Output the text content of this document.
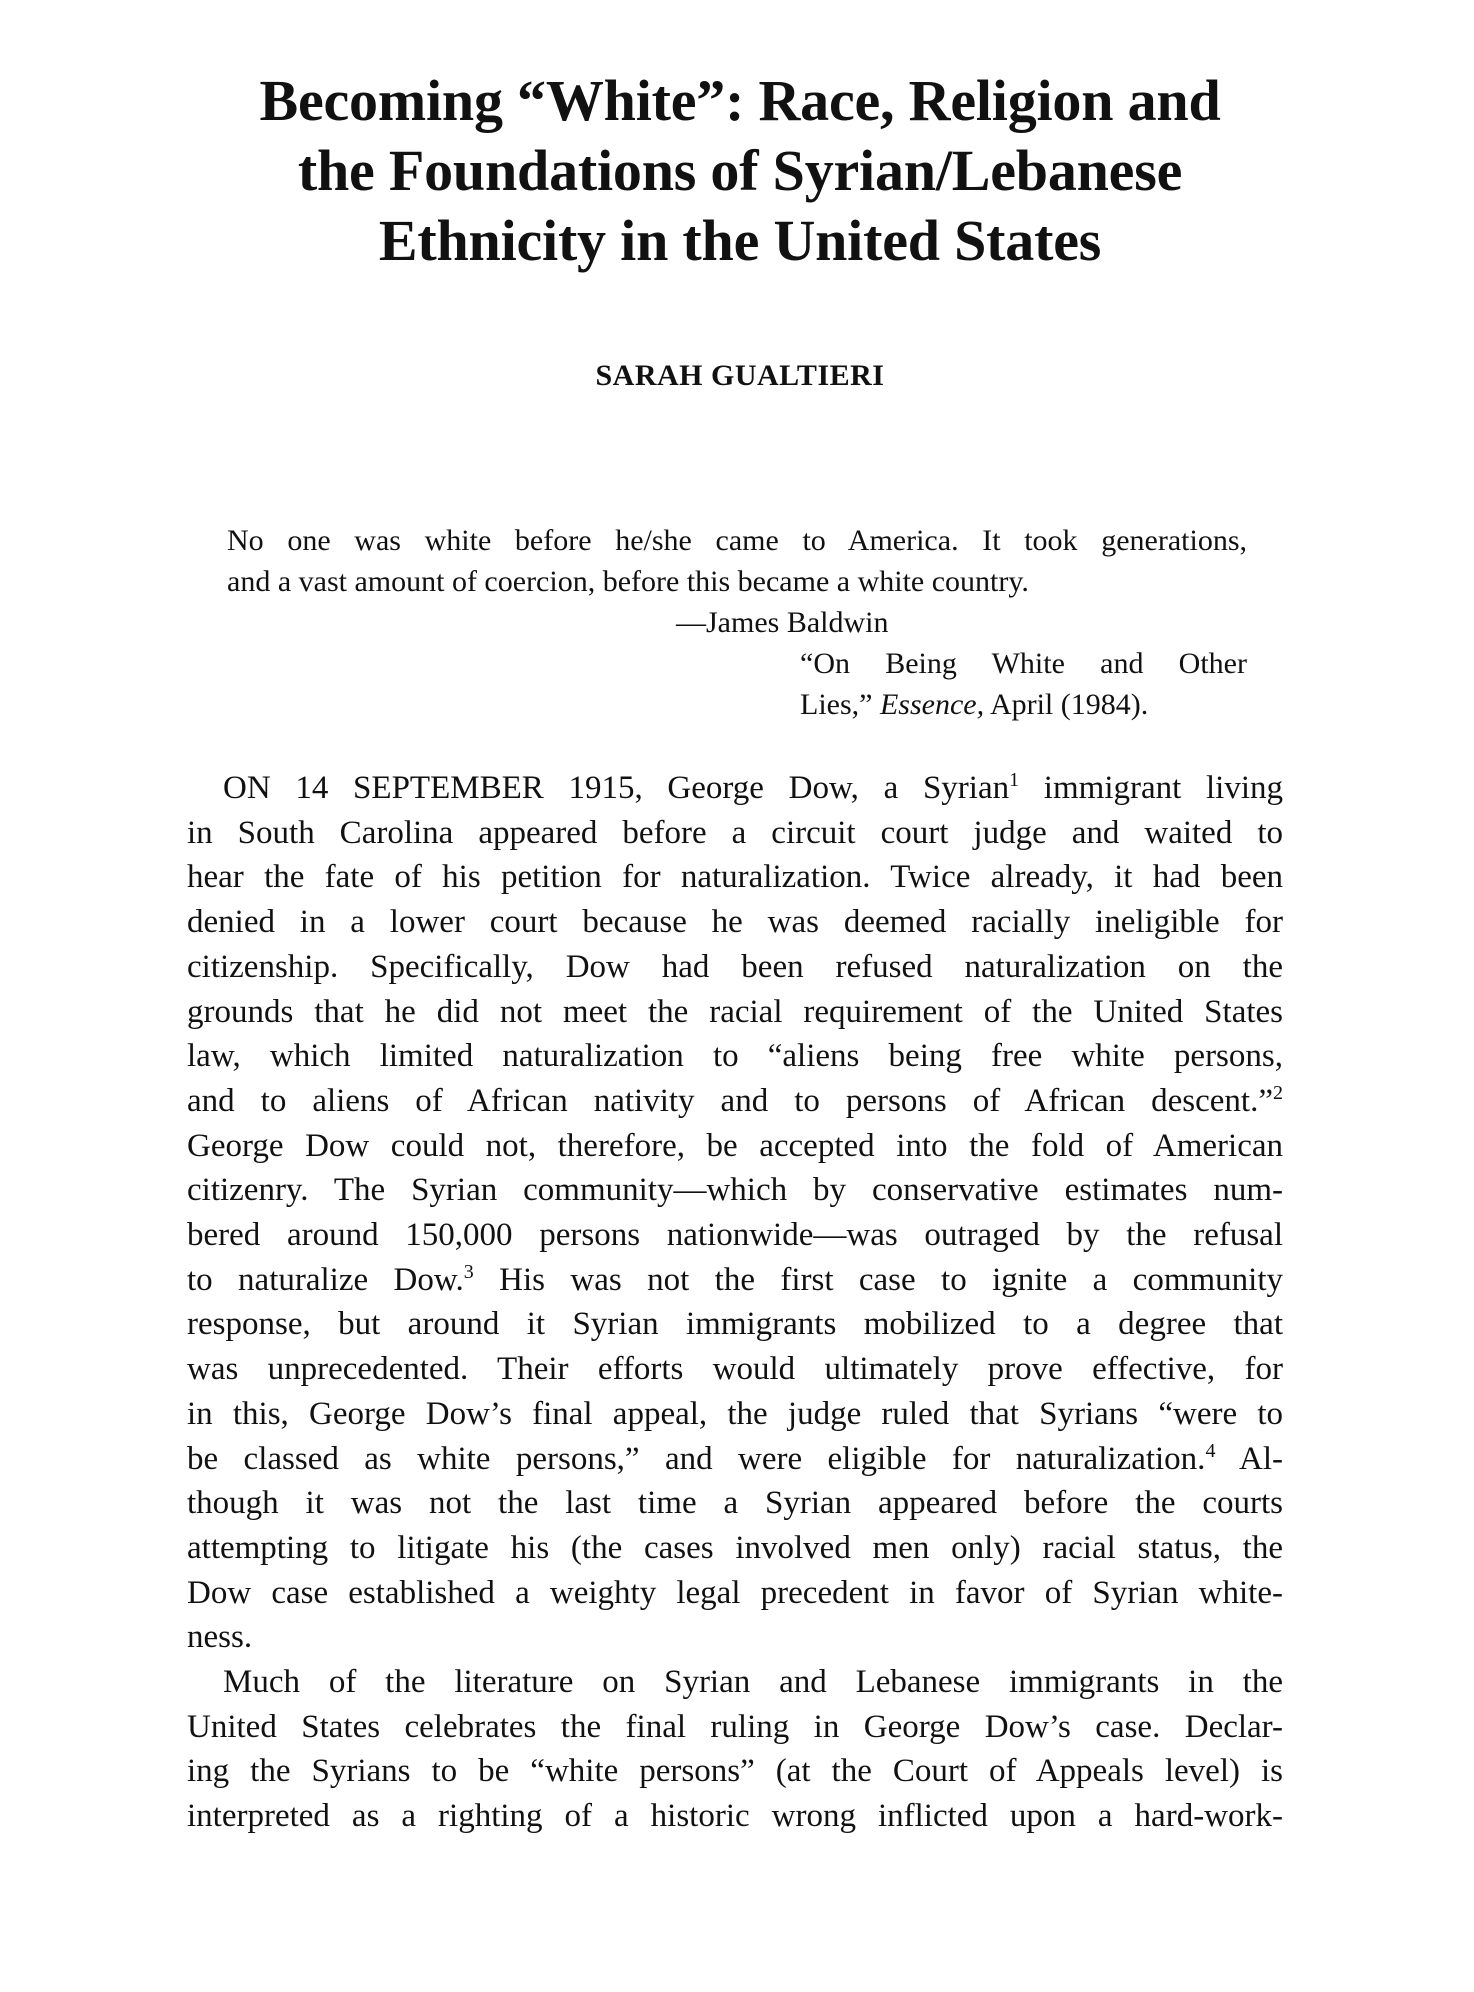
Becoming “White”: Race, Religion and
the Foundations of Syrian/Lebanese
Ethnicity in the United States
SARAH GUALTIERI
No one was white before he/she came to America. It took generations,
and a vast amount of coercion, before this became a white country.
—James Baldwin
“On Being White and Other
Lies,” Essence, April (1984).
ON 14 SEPTEMBER 1915, George Dow, a Syrian$^1$ immigrant living
in South Carolina appeared before a circuit court judge and waited to
hear the fate of his petition for naturalization. Twice already, it had been
denied in a lower court because he was deemed racially ineligible for
citizenship. Specifically, Dow had been refused naturalization on the
grounds that he did not meet the racial requirement of the United States
law, which limited naturalization to “aliens being free white persons,
and to aliens of African nativity and to persons of African descent.”$^2$
George Dow could not, therefore, be accepted into the fold of American
citizenry. The Syrian community—which by conservative estimates num-
bered around 150,000 persons nationwide—was outraged by the refusal
to naturalize Dow.$^3$ His was not the first case to ignite a community
response, but around it Syrian immigrants mobilized to a degree that
was unprecedented. Their efforts would ultimately prove effective, for
in this, George Dow’s final appeal, the judge ruled that Syrians “were to
be classed as white persons,” and were eligible for naturalization.$^4$ Al-
though it was not the last time a Syrian appeared before the courts
attempting to litigate his (the cases involved men only) racial status, the
Dow case established a weighty legal precedent in favor of Syrian white-
ness.
Much of the literature on Syrian and Lebanese immigrants in the
United States celebrates the final ruling in George Dow’s case. Declar-
ing the Syrians to be “white persons” (at the Court of Appeals level) is
interpreted as a righting of a historic wrong inflicted upon a hard-work-
